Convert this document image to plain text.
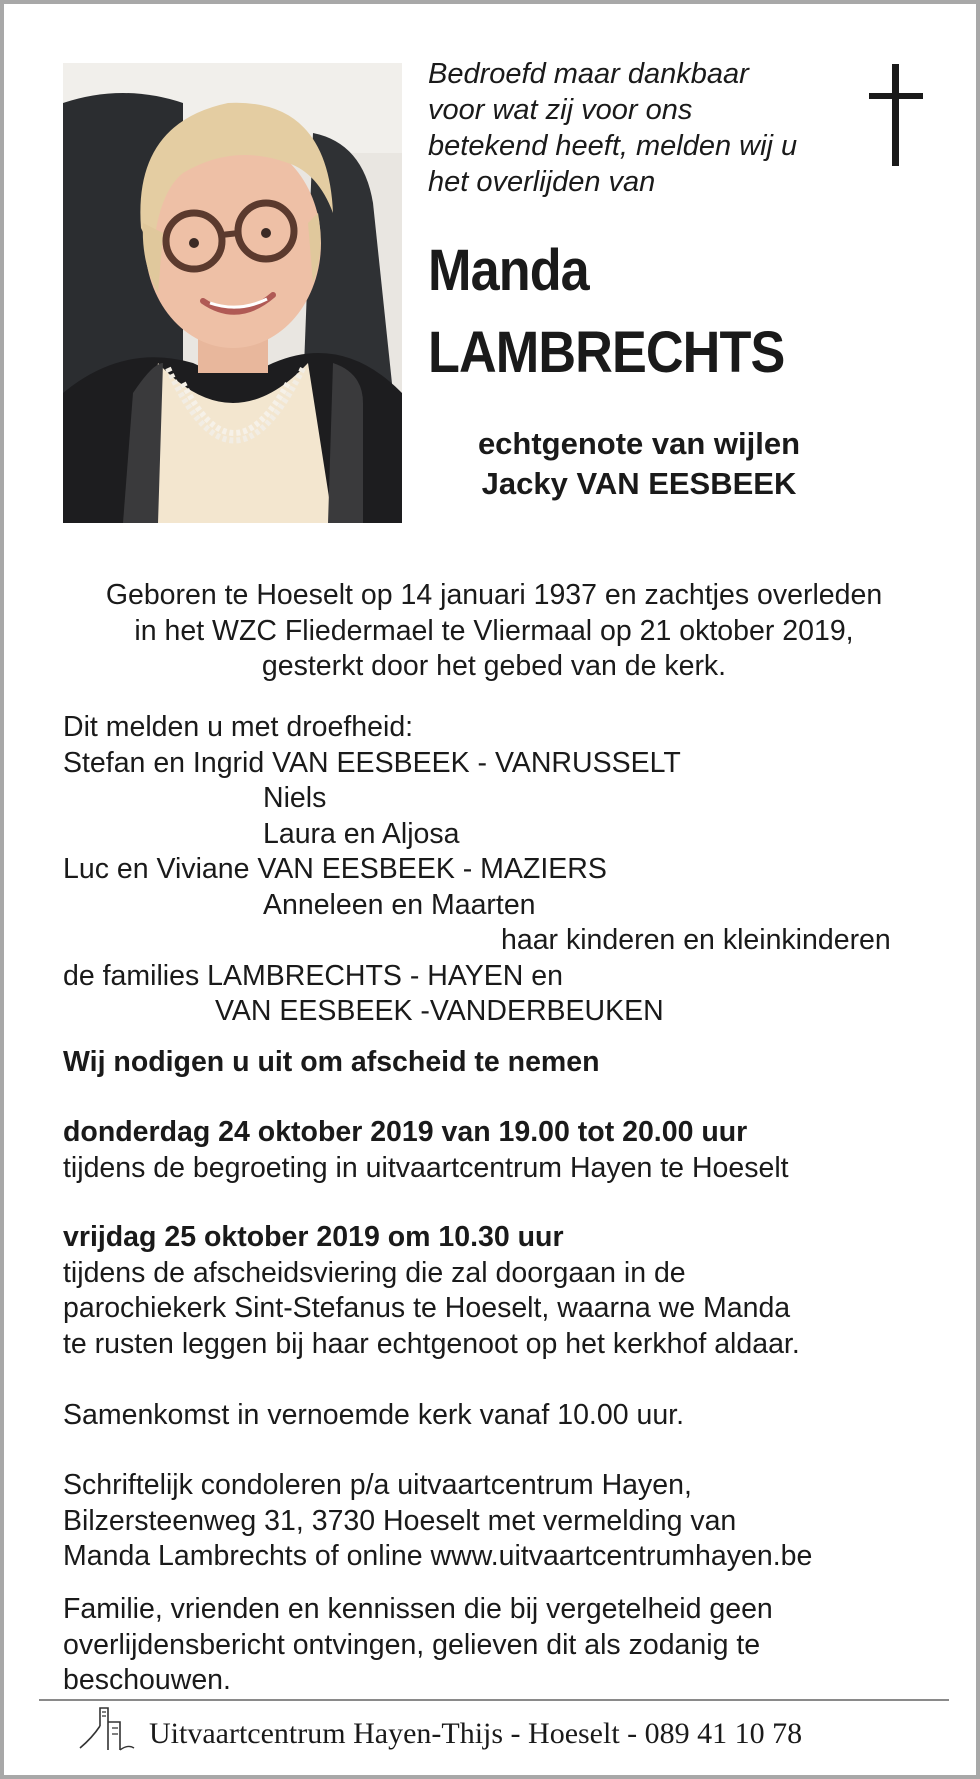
Bedroefd maar dankbaar
voor wat zij voor ons
betekend heeft, melden wij u
het overlijden van
Manda
LAMBRECHTS
echtgenote van wijlen
Jacky VAN EESBEEK
Geboren te Hoeselt op 14 januari 1937 en zachtjes overleden
in het WZC Fliedermael te Vliermaal op 21 oktober 2019,
gesterkt door het gebed van de kerk.
Dit melden u met droefheid:
Stefan en Ingrid VAN EESBEEK - VANRUSSELT
Niels
Laura en Aljosa
Luc en Viviane VAN EESBEEK - MAZIERS
Anneleen en Maarten
haar kinderen en kleinkinderen
de families LAMBRECHTS - HAYEN en
VAN EESBEEK -VANDERBEUKEN
Wij nodigen u uit om afscheid te nemen
donderdag 24 oktober 2019 van 19.00 tot 20.00 uur
tijdens de begroeting in uitvaartcentrum Hayen te Hoeselt
vrijdag 25 oktober 2019 om 10.30 uur
tijdens de afscheidsviering die zal doorgaan in de
parochiekerk Sint-Stefanus te Hoeselt, waarna we Manda
te rusten leggen bij haar echtgenoot op het kerkhof aldaar.
Samenkomst in vernoemde kerk vanaf 10.00 uur.
Schriftelijk condoleren p/a uitvaartcentrum Hayen,
Bilzersteenweg 31, 3730 Hoeselt met vermelding van
Manda Lambrechts of online www.uitvaartcentrumhayen.be
Familie, vrienden en kennissen die bij vergetelheid geen
overlijdensbericht ontvingen, gelieven dit als zodanig te
beschouwen.
Uitvaartcentrum Hayen-Thijs - Hoeselt - 089 41 10 78
